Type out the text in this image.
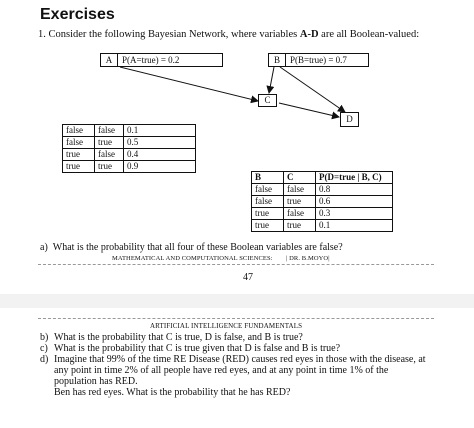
Exercises
1. Consider the following Bayesian Network, where variables A-D are all Boolean-valued:
A	P(A=true) = 0.2	B	P(B=true) = 0.7
C
D
false	false	0.1
false	true	0.5
true	false	0.4
true	true	0.9
B	C	P(D=true | B, C)
false	false	0.8
false	true	0.6
true	false	0.3
true	true	0.1
a) What is the probability that all four of these Boolean variables are false?
MATHEMATICAL AND COMPUTATIONAL SCIENCES: | DR. B.MOYO|
47
ARTIFICIAL INTELLIGENCE FUNDAMENTALS
b) What is the probability that C is true, D is false, and B is true?
c) What is the probability that C is true given that D is false and B is true?
d) Imagine that 99% of the time RE Disease (RED) causes red eyes in those with the disease, at
any point in time 2% of all people have red eyes, and at any point in time 1% of the
population has RED.
Ben has red eyes. What is the probability that he has RED?
